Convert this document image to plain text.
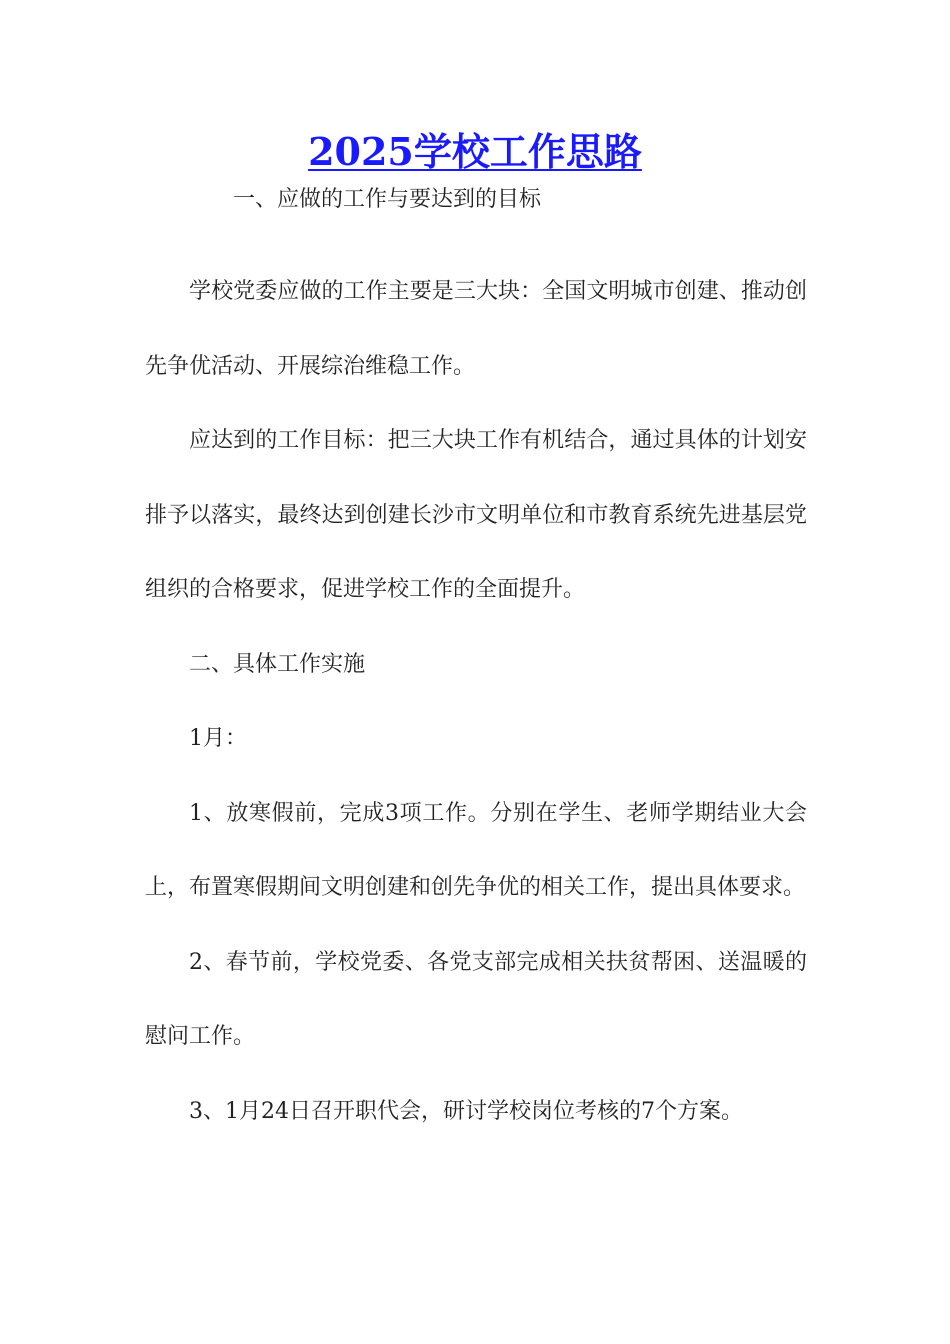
2025学校工作思路
一、应做的工作与要达到的目标

学校党委应做的工作主要是三大块：全国文明城市创建、推动创先争优活动、开展综治维稳工作。

应达到的工作目标：把三大块工作有机结合，通过具体的计划安排予以落实，最终达到创建长沙市文明单位和市教育系统先进基层党组织的合格要求，促进学校工作的全面提升。

二、具体工作实施

1月：

1、放寒假前，完成3项工作。分别在学生、老师学期结业大会上，布置寒假期间文明创建和创先争优的相关工作，提出具体要求。

2、春节前，学校党委、各党支部完成相关扶贫帮困、送温暖的慰问工作。

3、1月24日召开职代会，研讨学校岗位考核的7个方案。
